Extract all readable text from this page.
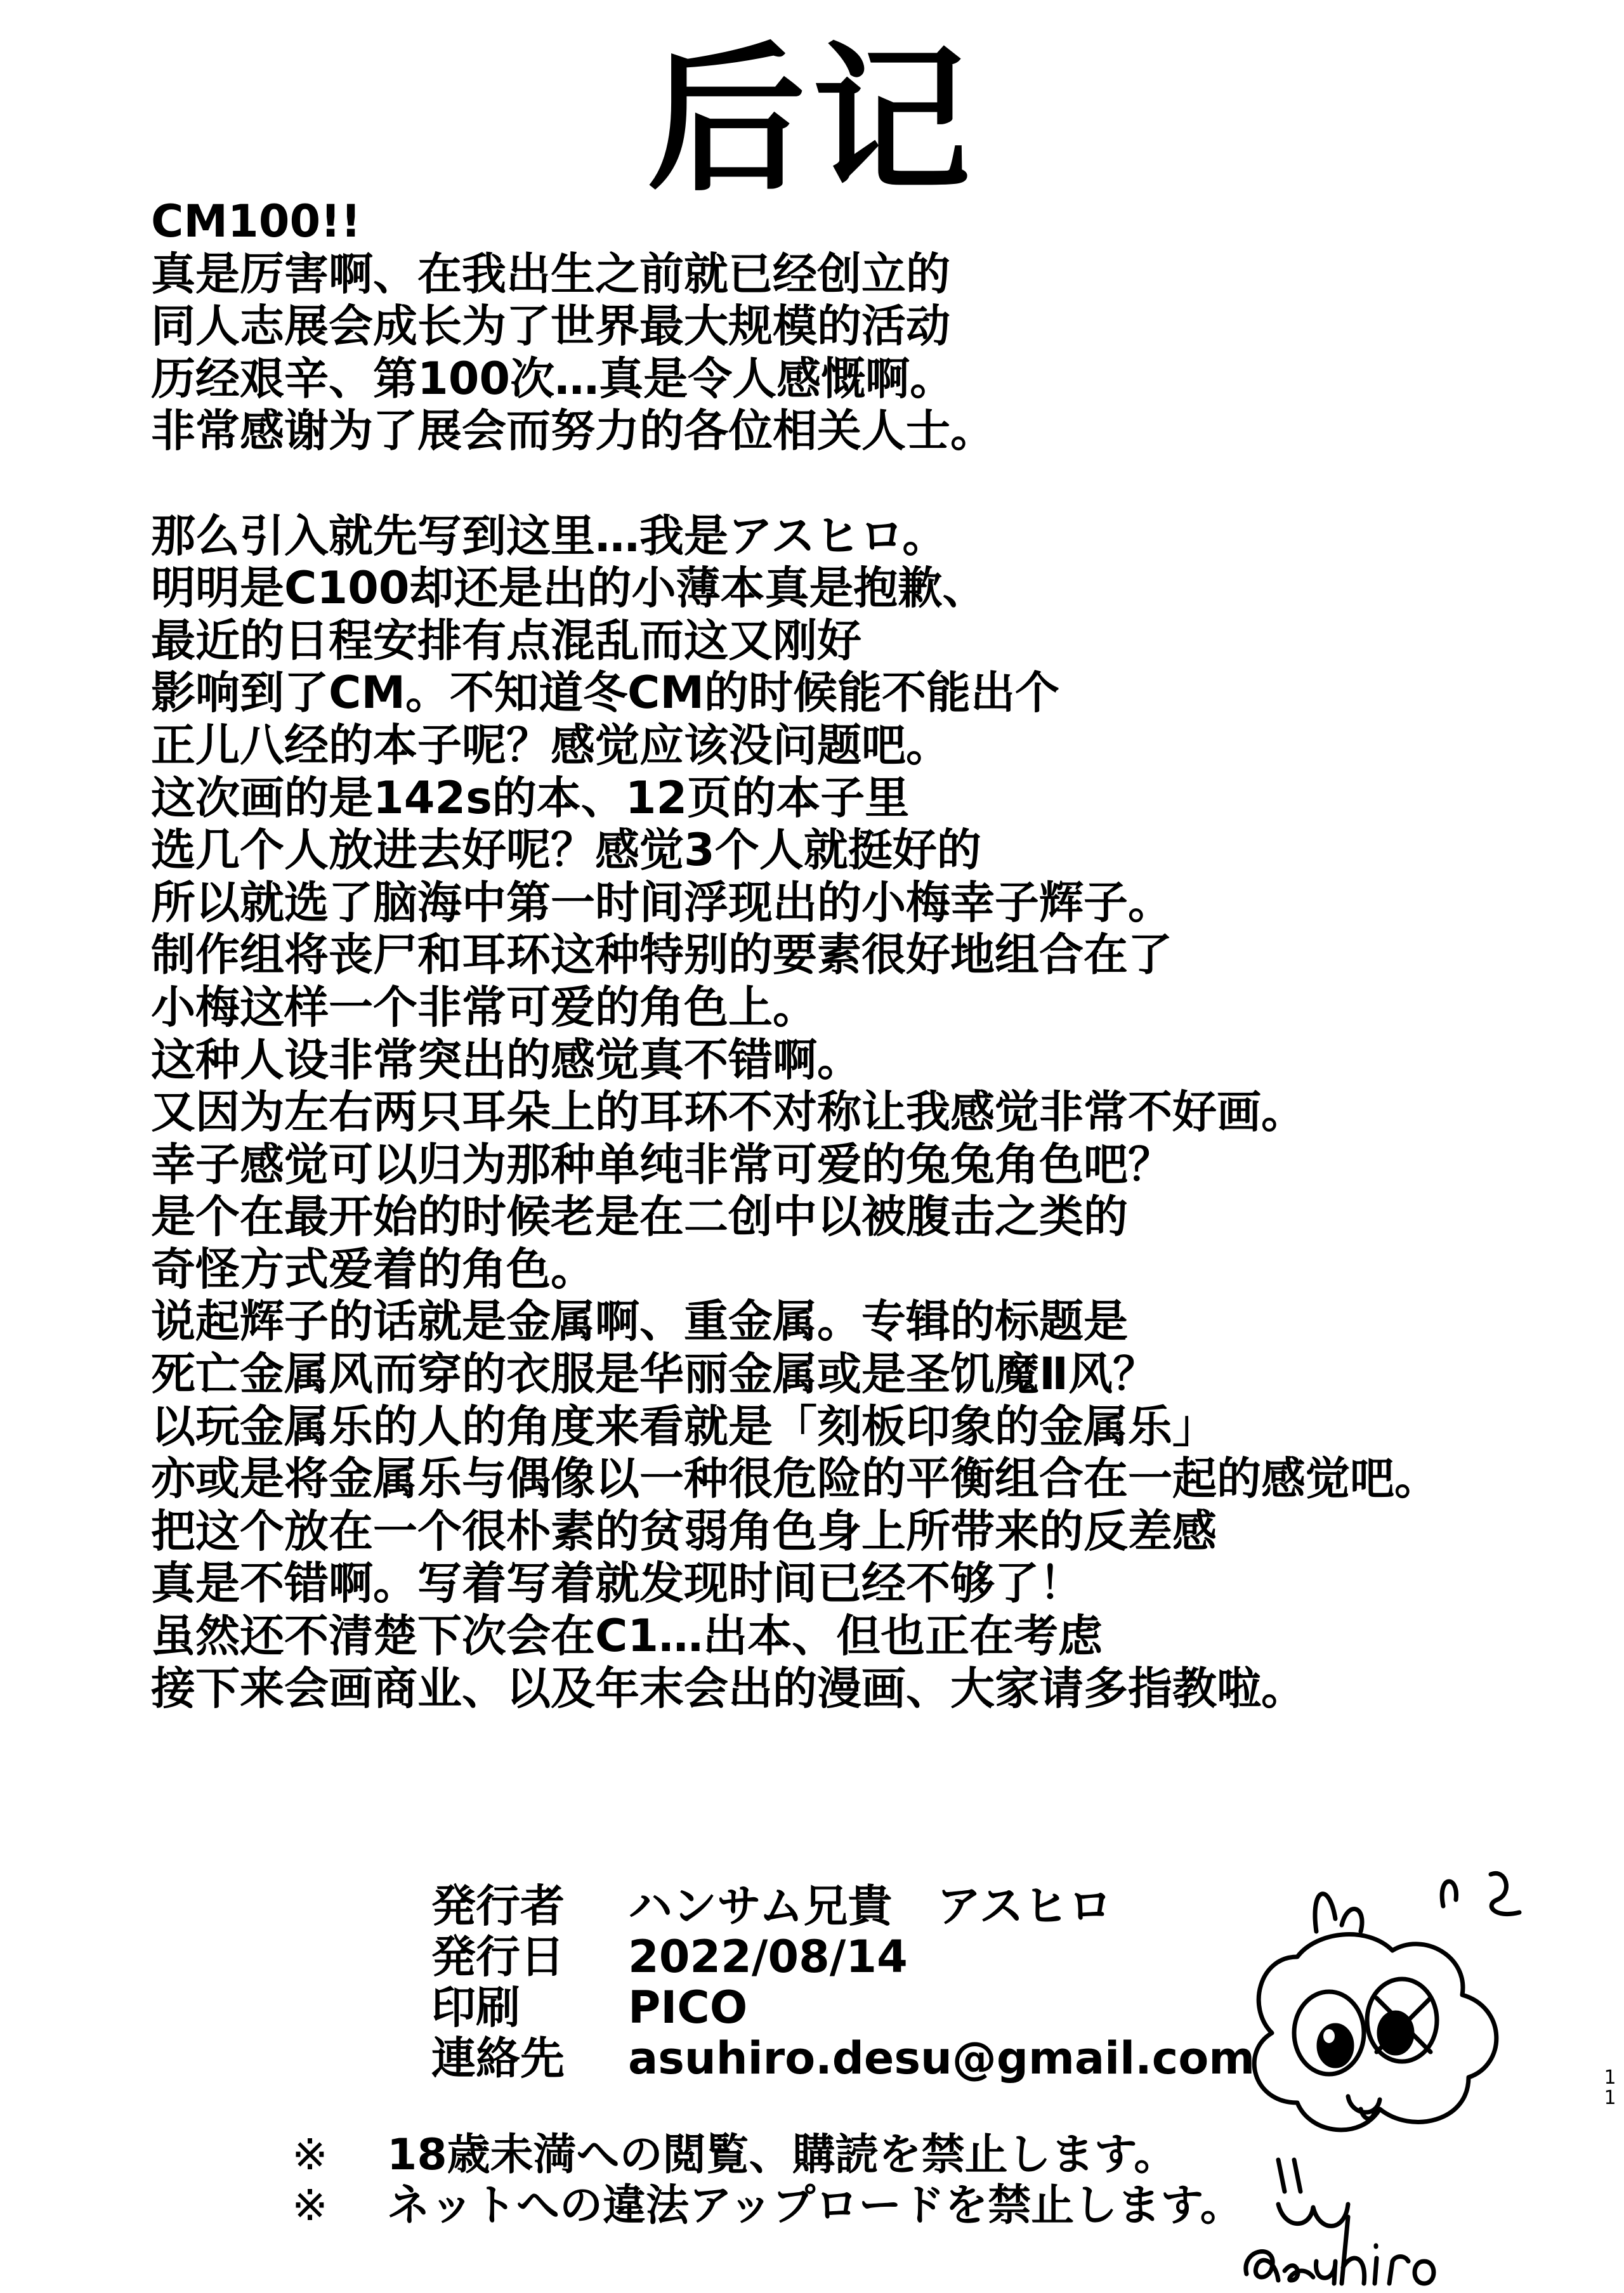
后记
CM100!!
真是厉害啊、在我出生之前就已经创立的
同人志展会成长为了世界最大规模的活动
历经艰辛、第100次…真是令人感慨啊。
非常感谢为了展会而努力的各位相关人士。
那么引入就先写到这里…我是アスヒロ。
明明是C100却还是出的小薄本真是抱歉、
最近的日程安排有点混乱而这又刚好
影响到了CM。不知道冬CM的时候能不能出个
正儿八经的本子呢？感觉应该没问题吧。
这次画的是142s的本、12页的本子里
选几个人放进去好呢？感觉3个人就挺好的
所以就选了脑海中第一时间浮现出的小梅幸子辉子。
制作组将丧尸和耳环这种特别的要素很好地组合在了
小梅这样一个非常可爱的角色上。
这种人设非常突出的感觉真不错啊。
又因为左右两只耳朵上的耳环不对称让我感觉非常不好画。
幸子感觉可以归为那种单纯非常可爱的兔兔角色吧？
是个在最开始的时候老是在二创中以被腹击之类的
奇怪方式爱着的角色。
说起辉子的话就是金属啊、重金属。专辑的标题是
死亡金属风而穿的衣服是华丽金属或是圣饥魔Ⅱ风？
以玩金属乐的人的角度来看就是「刻板印象的金属乐」
亦或是将金属乐与偶像以一种很危险的平衡组合在一起的感觉吧。
把这个放在一个很朴素的贫弱角色身上所带来的反差感
真是不错啊。写着写着就发现时间已经不够了！
虽然还不清楚下次会在C1…出本、但也正在考虑
接下来会画商业、以及年末会出的漫画、大家请多指教啦。
発行者	ハンサム兄貴　アスヒロ
発行日	2022/08/14
印刷	PICO
連絡先	asuhiro.desu@gmail.com
※	18歳未満への閲覧、購読を禁止します。
※	ネットへの違法アップロードを禁止します。
1
1
